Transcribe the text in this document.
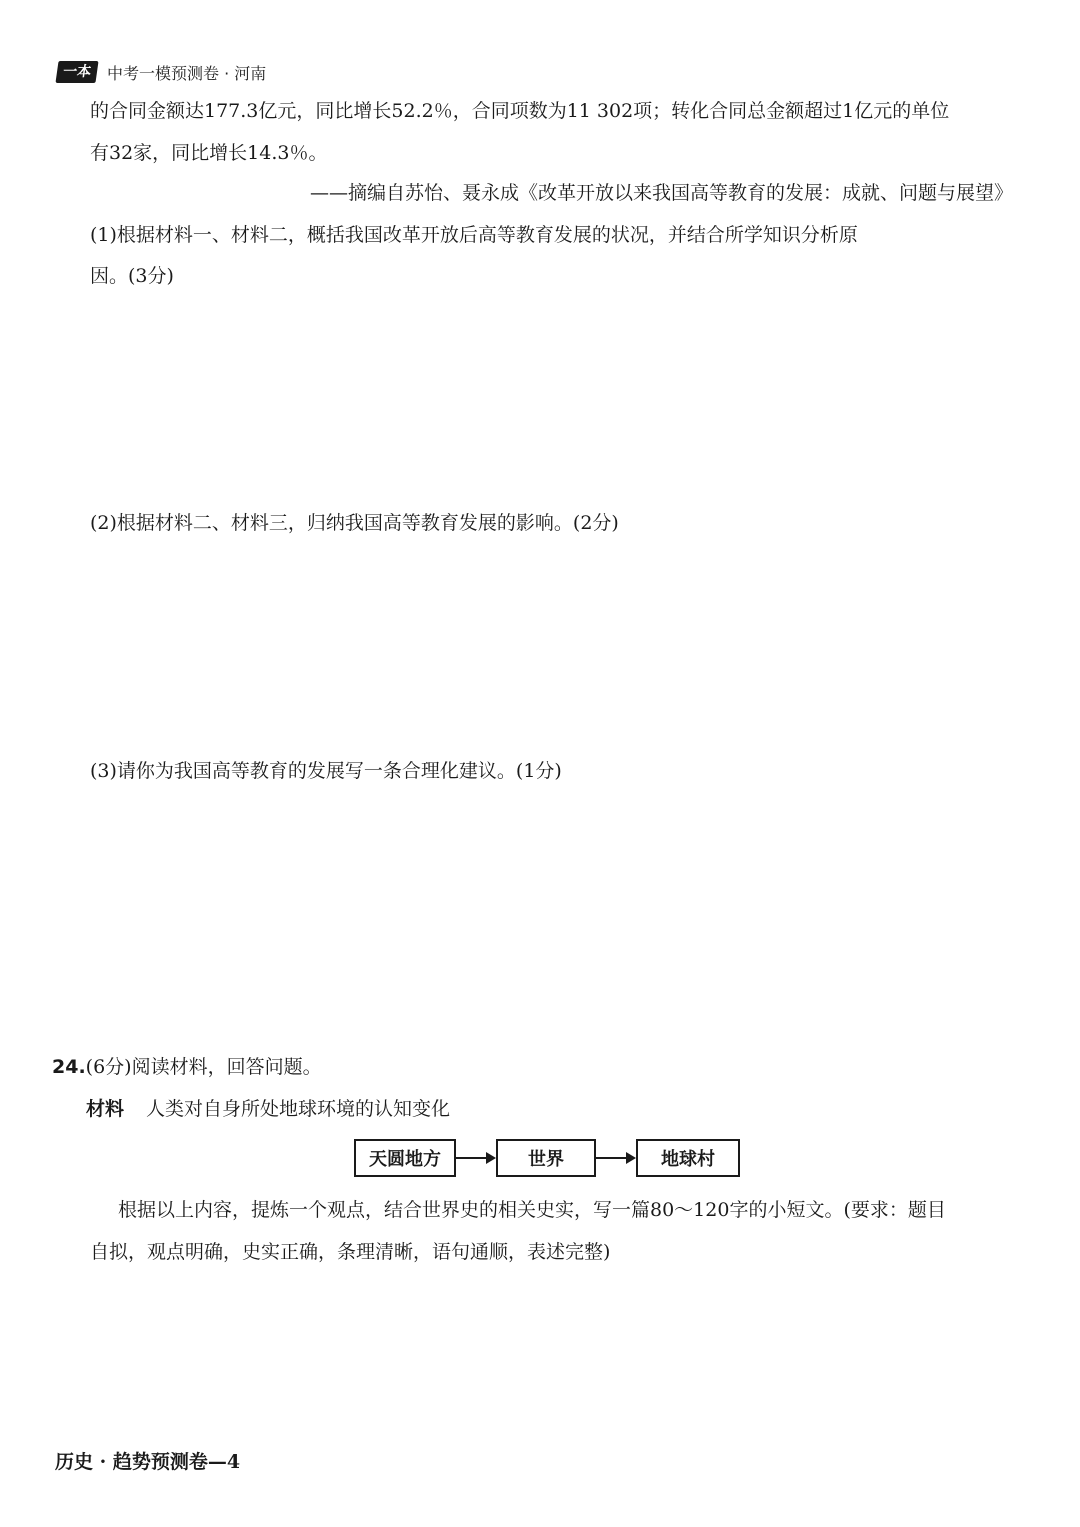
一本 中考一模预测卷 · 河南
的合同金额达177.3亿元，同比增长52.2％，合同项数为11 302项；转化合同总金额超过1亿元的单位
有32家，同比增长14.3％。
——摘编自苏怡、聂永成《改革开放以来我国高等教育的发展：成就、问题与展望》
(1)根据材料一、材料二，概括我国改革开放后高等教育发展的状况，并结合所学知识分析原
因。(3分)
(2)根据材料二、材料三，归纳我国高等教育发展的影响。(2分)
(3)请你为我国高等教育的发展写一条合理化建议。(1分)
24.(6分)阅读材料，回答问题。
材料 人类对自身所处地球环境的认知变化
天圆地方	世界	地球村
根据以上内容，提炼一个观点，结合世界史的相关史实，写一篇80～120字的小短文。(要求：题目
自拟，观点明确，史实正确，条理清晰，语句通顺，表述完整)
历史 · 趋势预测卷—4
